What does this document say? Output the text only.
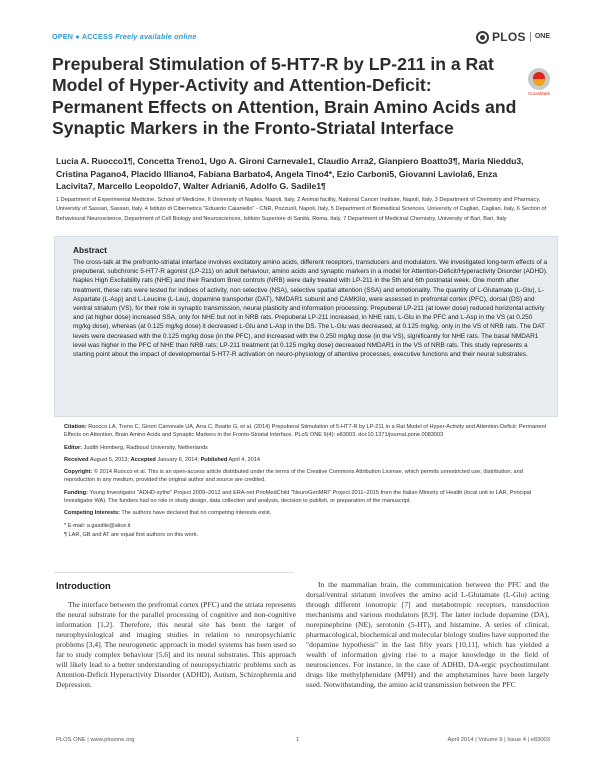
OPEN ● ACCESS Freely available online	PLOS	ONE
CrossMark
Prepuberal Stimulation of 5-HT7-R by LP-211 in a Rat Model of Hyper-Activity and Attention-Deficit: Permanent Effects on Attention, Brain Amino Acids and Synaptic Markers in the Fronto-Striatal Interface
Lucia A. Ruocco1¶, Concetta Treno1, Ugo A. Gironi Carnevale1, Claudio Arra2, Gianpiero Boatto3¶, Maria Nieddu3, Cristina Pagano4, Placido Illiano4, Fabiana Barbato4, Angela Tino4*, Ezio Carboni5, Giovanni Laviola6, Enza Lacivita7, Marcello Leopoldo7, Walter Adriani6, Adolfo G. Sadile1¶
1 Department of Experimental Medicine, School of Medicine, II University of Naples, Napoli, Italy, 2 Animal facility, National Cancer Institute, Napoli, Italy, 3 Department of Chemistry and Pharmacy, University of Sassari, Sassari, Italy, 4 Istituto di Cibernetica "Eduardo Caianiello" - CNR, Pozzuoli, Napoli, Italy, 5 Department of Biomedical Sciences, University of Cagliari, Cagliari, Italy, 6 Section of Behavioural Neuroscience, Department of Cell Biology and Neurosciences, Istituto Superiore di Sanità, Roma, Italy, 7 Department of Medicinal Chemistry, University of Bari, Bari, Italy
Abstract

The cross-talk at the prefronto-striatal interface involves excitatory amino acids, different receptors, transducers and modulators. We investigated long-term effects of a prepuberal, subchronic 5-HT7-R agonist (LP-211) on adult behaviour, amino acids and synaptic markers in a model for Attention-Deficit/Hyperactivity Disorder (ADHD). Naples High Excitability rats (NHE) and their Random Bred controls (NRB) were daily treated with LP-211 in the 5th and 6th postnatal week. One month after treatment, these rats were tested for indices of activity, non selective (NSA), selective spatial attention (SSA) and emotionality. The quantity of L-Glutamate (L-Glu), L-Aspartate (L-Asp) and L-Leucine (L-Leu), dopamine transporter (DAT), NMDAR1 subunit and CAMKIIα, were assessed in prefrontal cortex (PFC), dorsal (DS) and ventral striatum (VS), for their role in synaptic transmission, neural plasticity and information processing. Prepuberal LP-211 (at lower dose) reduced horizontal activity and (at higher dose) increased SSA, only for NHE but not in NRB rats. Prepuberal LP-211 increased, in NHE rats, L-Glu in the PFC and L-Asp in the VS (at 0.250 mg/kg dose), whereas (at 0.125 mg/kg dose) it decreased L-Glu and L-Asp in the DS. The L-Glu was decreased, at 0.125 mg/kg, only in the VS of NRB rats. The DAT levels were decreased with the 0.125 mg/kg dose (in the PFC), and increased with the 0.250 mg/kg dose (in the VS), significantly for NHE rats. The basal NMDAR1 level was higher in the PFC of NHE than NRB rats; LP-211 treatment (at 0.125 mg/kg dose) decreased NMDAR1 in the VS of NRB rats. This study represents a starting point about the impact of developmental 5-HT7-R activation on neuro-physiology of attentive processes, executive functions and their neural substrates.

Citation: Ruocco LA, Treno C, Gironi Carnevale UA, Arra C, Boatto G, et al. (2014) Prepuberal Stimulation of 5-HT7-R by LP-211 in a Rat Model of Hyper-Activity and Attention-Deficit: Permanent Effects on Attention, Brain Amino Acids and Synaptic Markers in the Fronto-Striatal Interface. PLoS ONE 9(4): e83003. doi:10.1371/journal.pone.0083003

Editor: Judith Homberg, Radboud University, Netherlands

Received August 5, 2013; Accepted January 6, 2014; Published April 4, 2014

Copyright: © 2014 Ruocco et al. This is an open-access article distributed under the terms of the Creative Commons Attribution License, which permits unrestricted use, distribution, and reproduction in any medium, provided the original author and source are credited.

Funding: Young Investigator "ADHD-sythe" Project 2009–2012 and ERA-net PrioMedChild "NeuroGenMRI" Project 2011–2015 from the Italian Ministry of Health (local unit to LAR, Principal Investigator WA). The funders had no role in study design, data collection and analysis, decision to publish, or preparation of the manuscript.

Competing Interests: The authors have declared that no competing interests exist.

* E-mail: a.gasdile@alice.it

¶ LAR, GB and AT are equal first authors on this work.

Introduction

The interface between the prefrontal cortex (PFC) and the striata represents the neural substrate for the parallel processing of cognitive and non-cognitive information [1,2]. Therefore, this neural site has been the target of neurophysiological and imaging studies in relation to neuropsychiatric problems [3,4]. The neurogenetic approach in model systems has been used so far to study complex behaviour [5,6] and its neural substrates. This approach will likely lead to a better understanding of neuropsychiatric problems such as Attention-Deficit Hyperactivity Disorder (ADHD), Autism, Schizophrenia and Depression.

In the mammalian brain, the communication between the PFC and the dorsal/ventral striatum involves the amino acid L-Glutamate (L-Glu) acting through different ionotropic [7] and metabotropic receptors, transduction mechanisms and various modulators [8,9]. The latter include dopamine (DA), norepinephrine (NE), serotonin (5-HT), and histamine. A series of clinical, pharmacological, biochemical and molecular biology studies have supported the "dopamine hypothesis" in the last fifty years [10,11], which has yielded a wealth of information giving rise to a major knowledge in the field of neurosciences. For instance, in the case of ADHD, DA-ergic psychostimulant drugs like methylphenidate (MPH) and the amphetamines have been largely used. Notwithstanding, the amino acid transmission between the PFC

PLOS ONE | www.plosone.org	1	April 2014 | Volume 9 | Issue 4 | e83003
